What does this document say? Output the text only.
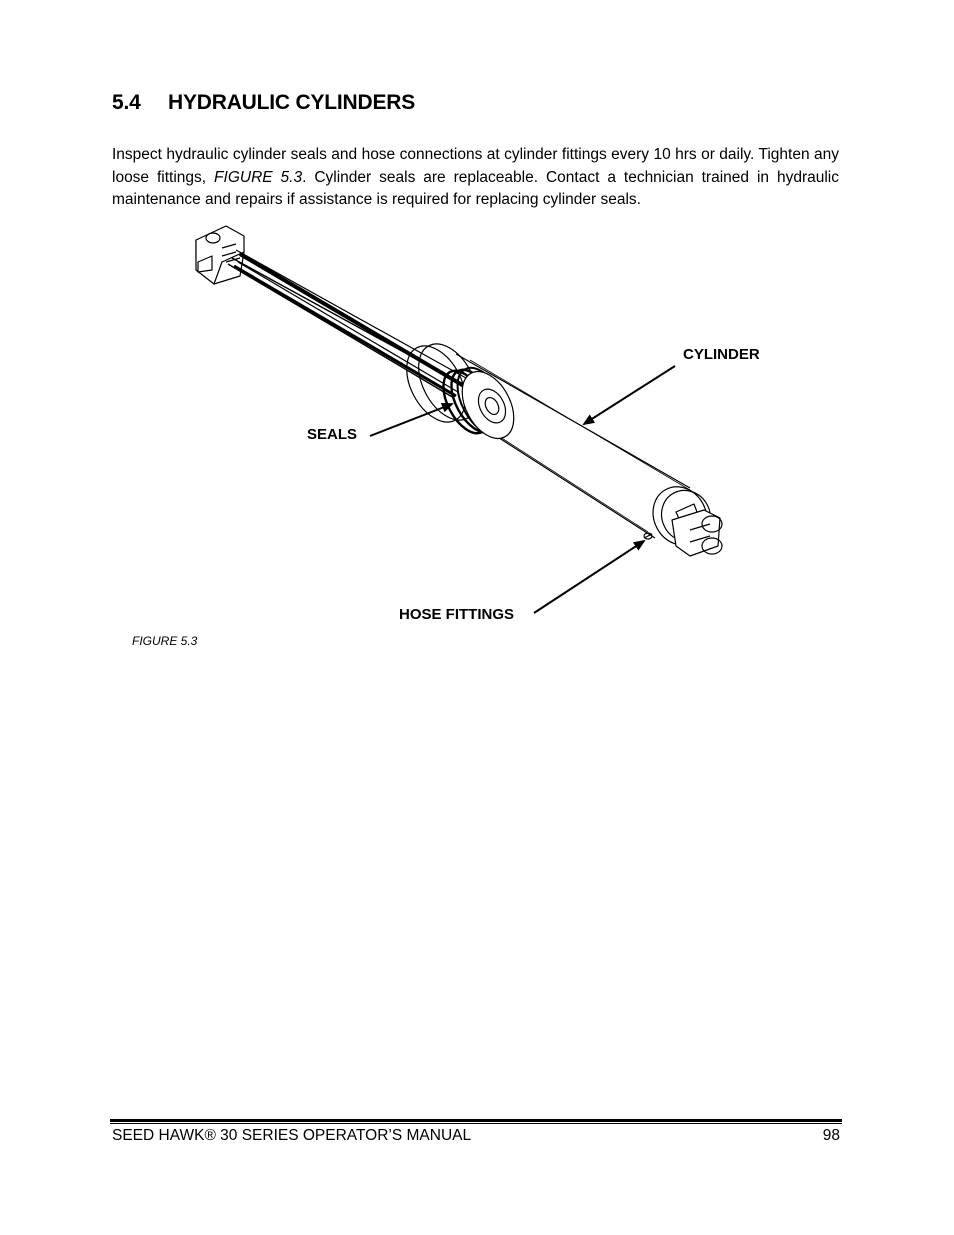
5.4 HYDRAULIC CYLINDERS

Inspect hydraulic cylinder seals and hose connections at cylinder fittings every 10 hrs or daily. Tighten any loose fittings, FIGURE 5.3. Cylinder seals are replaceable. Contact a technician trained in hydraulic maintenance and repairs if assistance is required for replacing cylinder seals.

CYLINDER
SEALS
HOSE FITTINGS
FIGURE 5.3
SEED HAWK® 30 SERIES OPERATOR’S MANUAL	98
